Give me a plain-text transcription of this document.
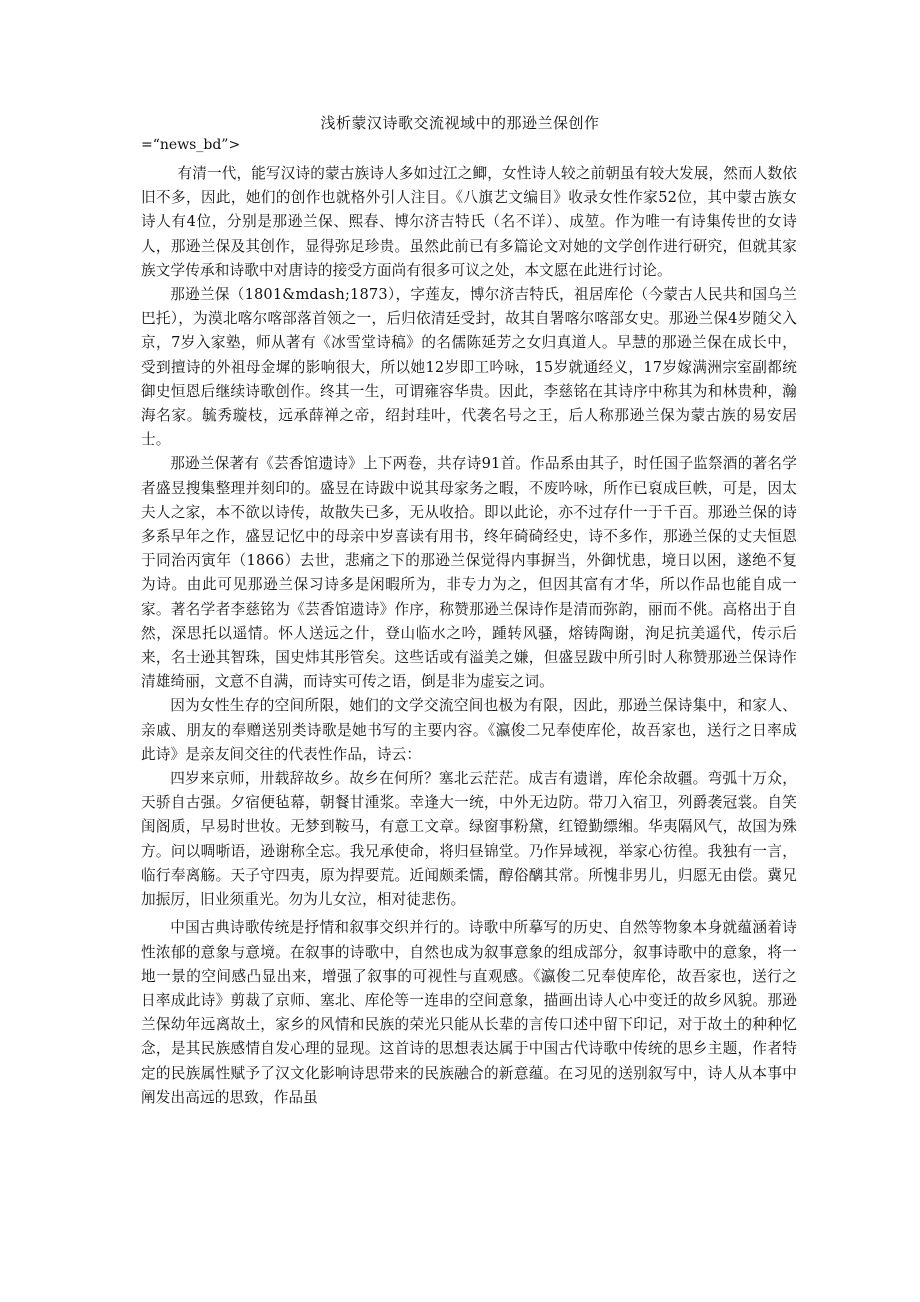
浅析蒙汉诗歌交流视域中的那逊兰保创作
=“news_bd”>

有清一代，能写汉诗的蒙古族诗人多如过江之鲫，女性诗人较之前朝虽有较大发展，然而人数依旧不多，因此，她们的创作也就格外引人注目。《八旗艺文编目》收录女性作家52位，其中蒙古族女诗人有4位，分别是那逊兰保、熙春、博尔济吉特氏（名不详）、成堃。作为唯一有诗集传世的女诗人，那逊兰保及其创作，显得弥足珍贵。虽然此前已有多篇论文对她的文学创作进行研究，但就其家族文学传承和诗歌中对唐诗的接受方面尚有很多可议之处，本文愿在此进行讨论。

那逊兰保（1801&mdash;1873），字莲友，博尔济吉特氏，祖居库伦（今蒙古人民共和国乌兰巴托），为漠北喀尔喀部落首领之一，后归依清廷受封，故其自署喀尔喀部女史。那逊兰保4岁随父入京，7岁入家塾，师从著有《冰雪堂诗稿》的名儒陈延芳之女归真道人。早慧的那逊兰保在成长中，受到擅诗的外祖母金墀的影响很大，所以她12岁即工吟咏，15岁就通经义，17岁嫁满洲宗室副都统御史恒恩后继续诗歌创作。终其一生，可谓雍容华贵。因此，李慈铭在其诗序中称其为和林贵种，瀚海名家。毓秀璇枝，远承薛禅之帝，绍封珪叶，代袭名号之王，后人称那逊兰保为蒙古族的易安居士。

那逊兰保著有《芸香馆遗诗》上下两卷，共存诗91首。作品系由其子，时任国子监祭酒的著名学者盛昱搜集整理并刻印的。盛昱在诗跋中说其母家务之暇，不废吟咏，所作已裒成巨帙，可是，因太夫人之家，本不欲以诗传，故散失已多，无从收拾。即以此论，亦不过存什一于千百。那逊兰保的诗多系早年之作，盛昱记忆中的母亲中岁喜读有用书，终年碕碕经史，诗不多作，那逊兰保的丈夫恒恩于同治丙寅年（1866）去世，悲痛之下的那逊兰保觉得内事摒当，外御忧患，境日以困，遂绝不复为诗。由此可见那逊兰保习诗多是闲暇所为，非专力为之，但因其富有才华，所以作品也能自成一家。著名学者李慈铭为《芸香馆遗诗》作序，称赞那逊兰保诗作是清而弥韵，丽而不佻。高格出于自然，深思托以遥情。怀人送远之什，登山临水之吟，踵转风骚，熔铸陶谢，洵足抗美遥代，传示后来，名士逊其智珠，国史炜其彤管矣。这些话或有溢美之嫌，但盛昱跋中所引时人称赞那逊兰保诗作清雄绮丽，文意不自满，而诗实可传之语，倒是非为虚妄之词。

因为女性生存的空间所限，她们的文学交流空间也极为有限，因此，那逊兰保诗集中，和家人、亲戚、朋友的奉赠送别类诗歌是她书写的主要内容。《瀛俊二兄奉使库伦，故吾家也，送行之日率成此诗》是亲友间交往的代表性作品，诗云：

四岁来京师，卅载辞故乡。故乡在何所？塞北云茫茫。成吉有遗谱，库伦余故疆。弯弧十万众，天骄自古强。夕宿便毡幕，朝餐甘湩浆。幸逢大一统，中外无边防。带刀入宿卫，列爵袭冠裳。自笑闺阁质，早易时世妆。无梦到鞍马，有意工文章。绿窗事粉黛，红镫勤缥缃。华夷隔风气，故国为殊方。问以啁哳语，逊谢称全忘。我兄承使命，将归昼锦堂。乃作异域视，举家心彷徨。我独有一言，临行奉离觞。天子守四夷，原为捍要荒。近闻颇柔懦，醇俗醨其常。所愧非男儿，归愿无由偿。冀兄加振厉，旧业须重光。勿为儿女泣，相对徒悲伤。

中国古典诗歌传统是抒情和叙事交织并行的。诗歌中所摹写的历史、自然等物象本身就蕴涵着诗性浓郁的意象与意境。在叙事的诗歌中，自然也成为叙事意象的组成部分，叙事诗歌中的意象，将一地一景的空间感凸显出来，增强了叙事的可视性与直观感。《瀛俊二兄奉使库伦，故吾家也，送行之日率成此诗》剪裁了京师、塞北、库伦等一连串的空间意象，描画出诗人心中变迁的故乡风貌。那逊兰保幼年远离故土，家乡的风情和民族的荣光只能从长辈的言传口述中留下印记，对于故土的种种忆念，是其民族感情自发心理的显现。这首诗的思想表达属于中国古代诗歌中传统的思乡主题，作者特定的民族属性赋予了汉文化影响诗思带来的民族融合的新意蕴。在习见的送别叙写中，诗人从本事中阐发出高远的思致，作品虽
